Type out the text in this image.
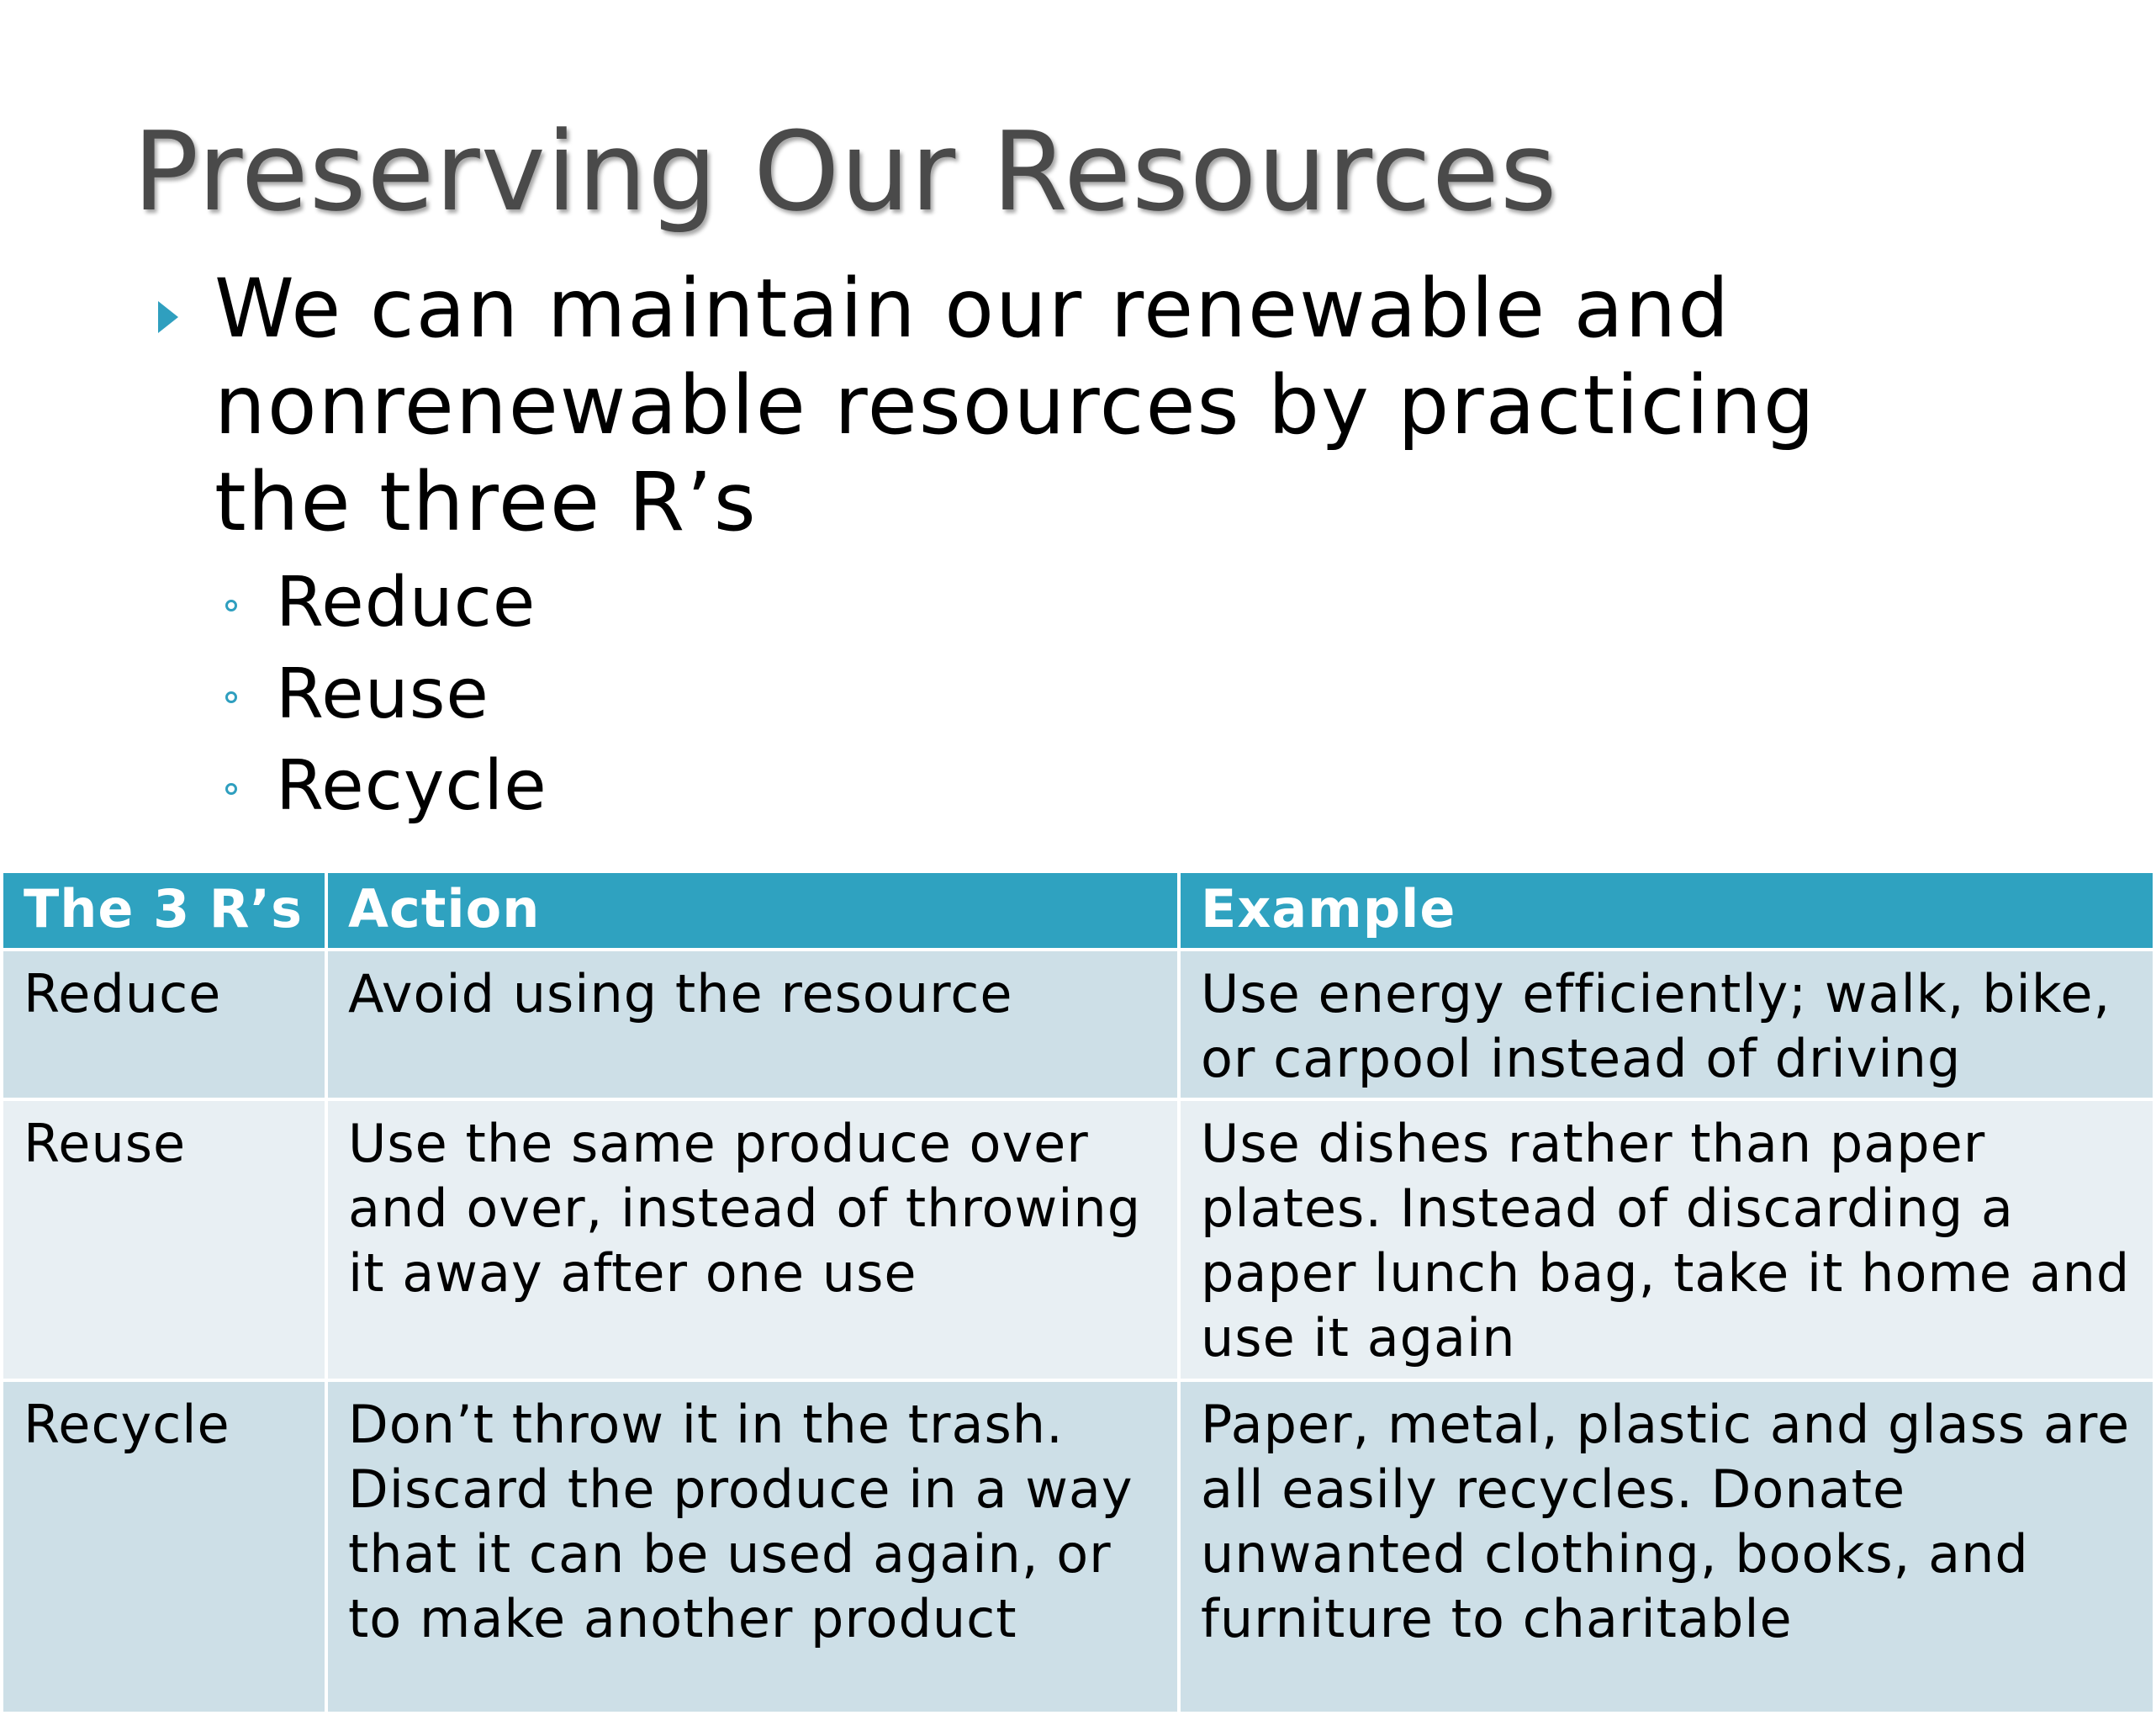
Preserving Our Resources
We can maintain our renewable and nonrenewable resources by practicing the three R’s
Reduce
Reuse
Recycle
The 3 R’s	Action	Example
Reduce	Avoid using the resource	Use energy efficiently; walk, bike, or carpool instead of driving
Reuse	Use the same produce over and over, instead of throwing it away after one use	Use dishes rather than paper plates. Instead of discarding a paper lunch bag, take it home and use it again
Recycle	Don’t throw it in the trash. Discard the produce in a way that it can be used again, or to make another product	Paper, metal, plastic and glass are all easily recycles. Donate unwanted clothing, books, and furniture to charitable
